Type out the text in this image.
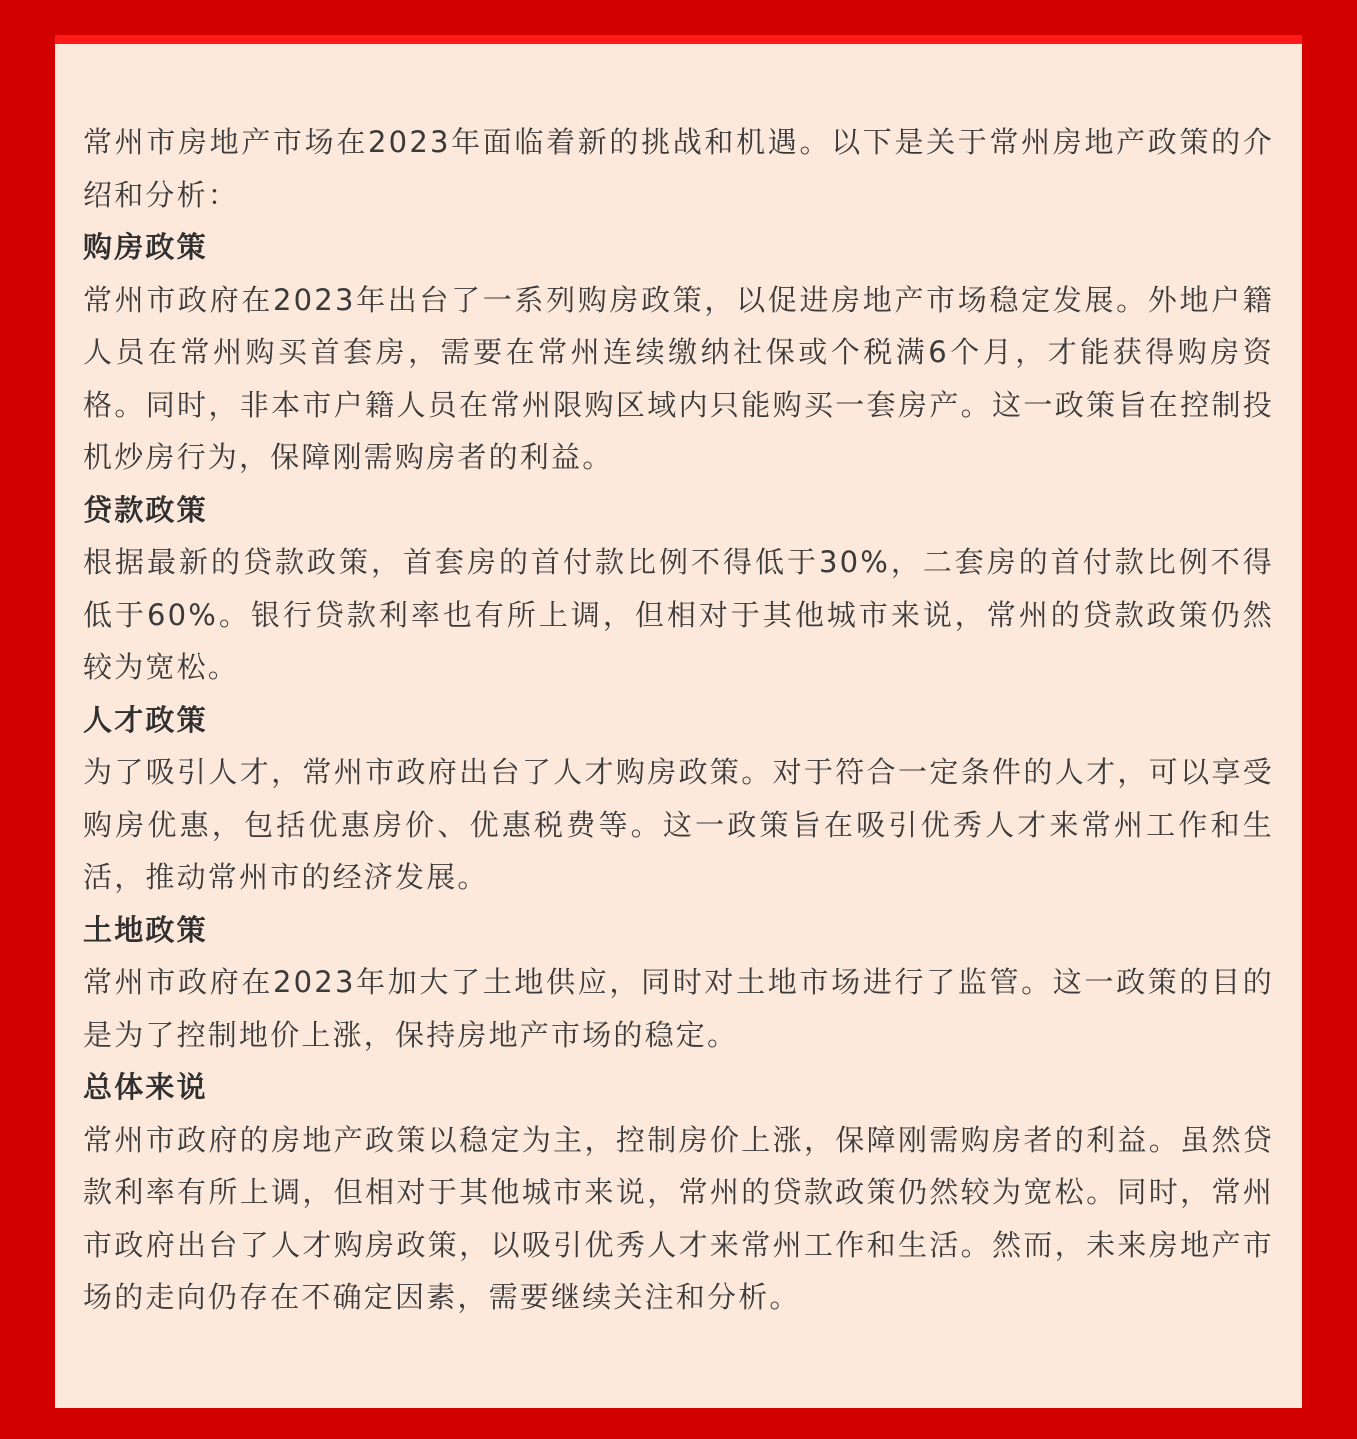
常州市房地产市场在2023年面临着新的挑战和机遇。以下是关于常州房地产政策的介绍和分析：

购房政策

常州市政府在2023年出台了一系列购房政策，以促进房地产市场稳定发展。外地户籍人员在常州购买首套房，需要在常州连续缴纳社保或个税满6个月，才能获得购房资格。同时，非本市户籍人员在常州限购区域内只能购买一套房产。这一政策旨在控制投机炒房行为，保障刚需购房者的利益。

贷款政策

根据最新的贷款政策，首套房的首付款比例不得低于30%，二套房的首付款比例不得低于60%。银行贷款利率也有所上调，但相对于其他城市来说，常州的贷款政策仍然较为宽松。

人才政策

为了吸引人才，常州市政府出台了人才购房政策。对于符合一定条件的人才，可以享受购房优惠，包括优惠房价、优惠税费等。这一政策旨在吸引优秀人才来常州工作和生活，推动常州市的经济发展。

土地政策

常州市政府在2023年加大了土地供应，同时对土地市场进行了监管。这一政策的目的是为了控制地价上涨，保持房地产市场的稳定。

总体来说

常州市政府的房地产政策以稳定为主，控制房价上涨，保障刚需购房者的利益。虽然贷款利率有所上调，但相对于其他城市来说，常州的贷款政策仍然较为宽松。同时，常州市政府出台了人才购房政策，以吸引优秀人才来常州工作和生活。然而，未来房地产市场的走向仍存在不确定因素，需要继续关注和分析。
